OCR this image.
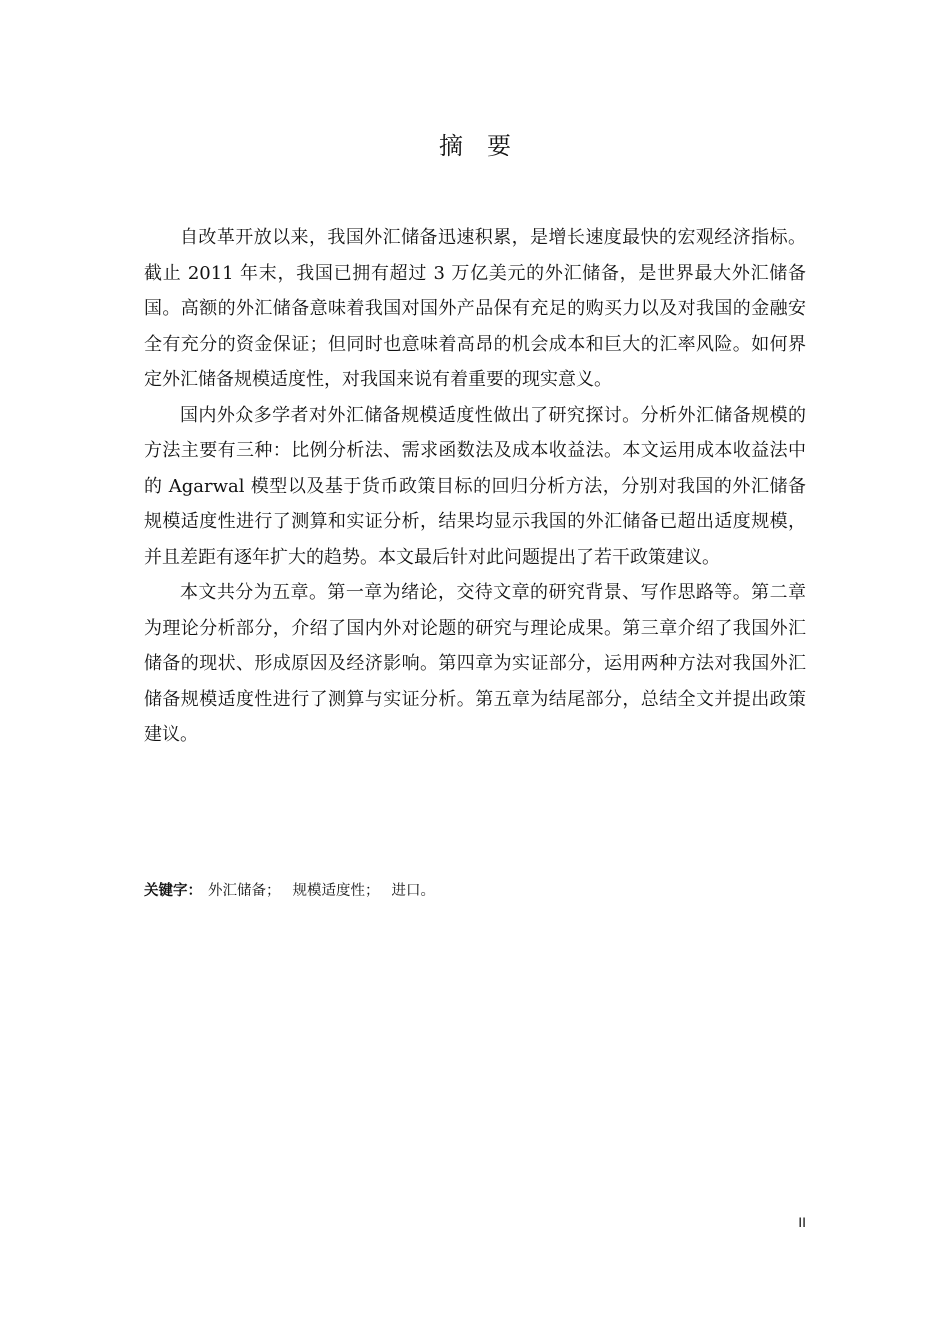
摘要

自改革开放以来，我国外汇储备迅速积累，是增长速度最快的宏观经济指标。截止 2011 年末，我国已拥有超过 3 万亿美元的外汇储备，是世界最大外汇储备国。高额的外汇储备意味着我国对国外产品保有充足的购买力以及对我国的金融安全有充分的资金保证；但同时也意味着高昂的机会成本和巨大的汇率风险。如何界定外汇储备规模适度性，对我国来说有着重要的现实意义。

国内外众多学者对外汇储备规模适度性做出了研究探讨。分析外汇储备规模的方法主要有三种：比例分析法、需求函数法及成本收益法。本文运用成本收益法中的 Agarwal 模型以及基于货币政策目标的回归分析方法，分别对我国的外汇储备规模适度性进行了测算和实证分析，结果均显示我国的外汇储备已超出适度规模，并且差距有逐年扩大的趋势。本文最后针对此问题提出了若干政策建议。

本文共分为五章。第一章为绪论，交待文章的研究背景、写作思路等。第二章为理论分析部分，介绍了国内外对论题的研究与理论成果。第三章介绍了我国外汇储备的现状、形成原因及经济影响。第四章为实证部分，运用两种方法对我国外汇储备规模适度性进行了测算与实证分析。第五章为结尾部分，总结全文并提出政策建议。

关键字： 外汇储备； 规模适度性； 进口。
II
